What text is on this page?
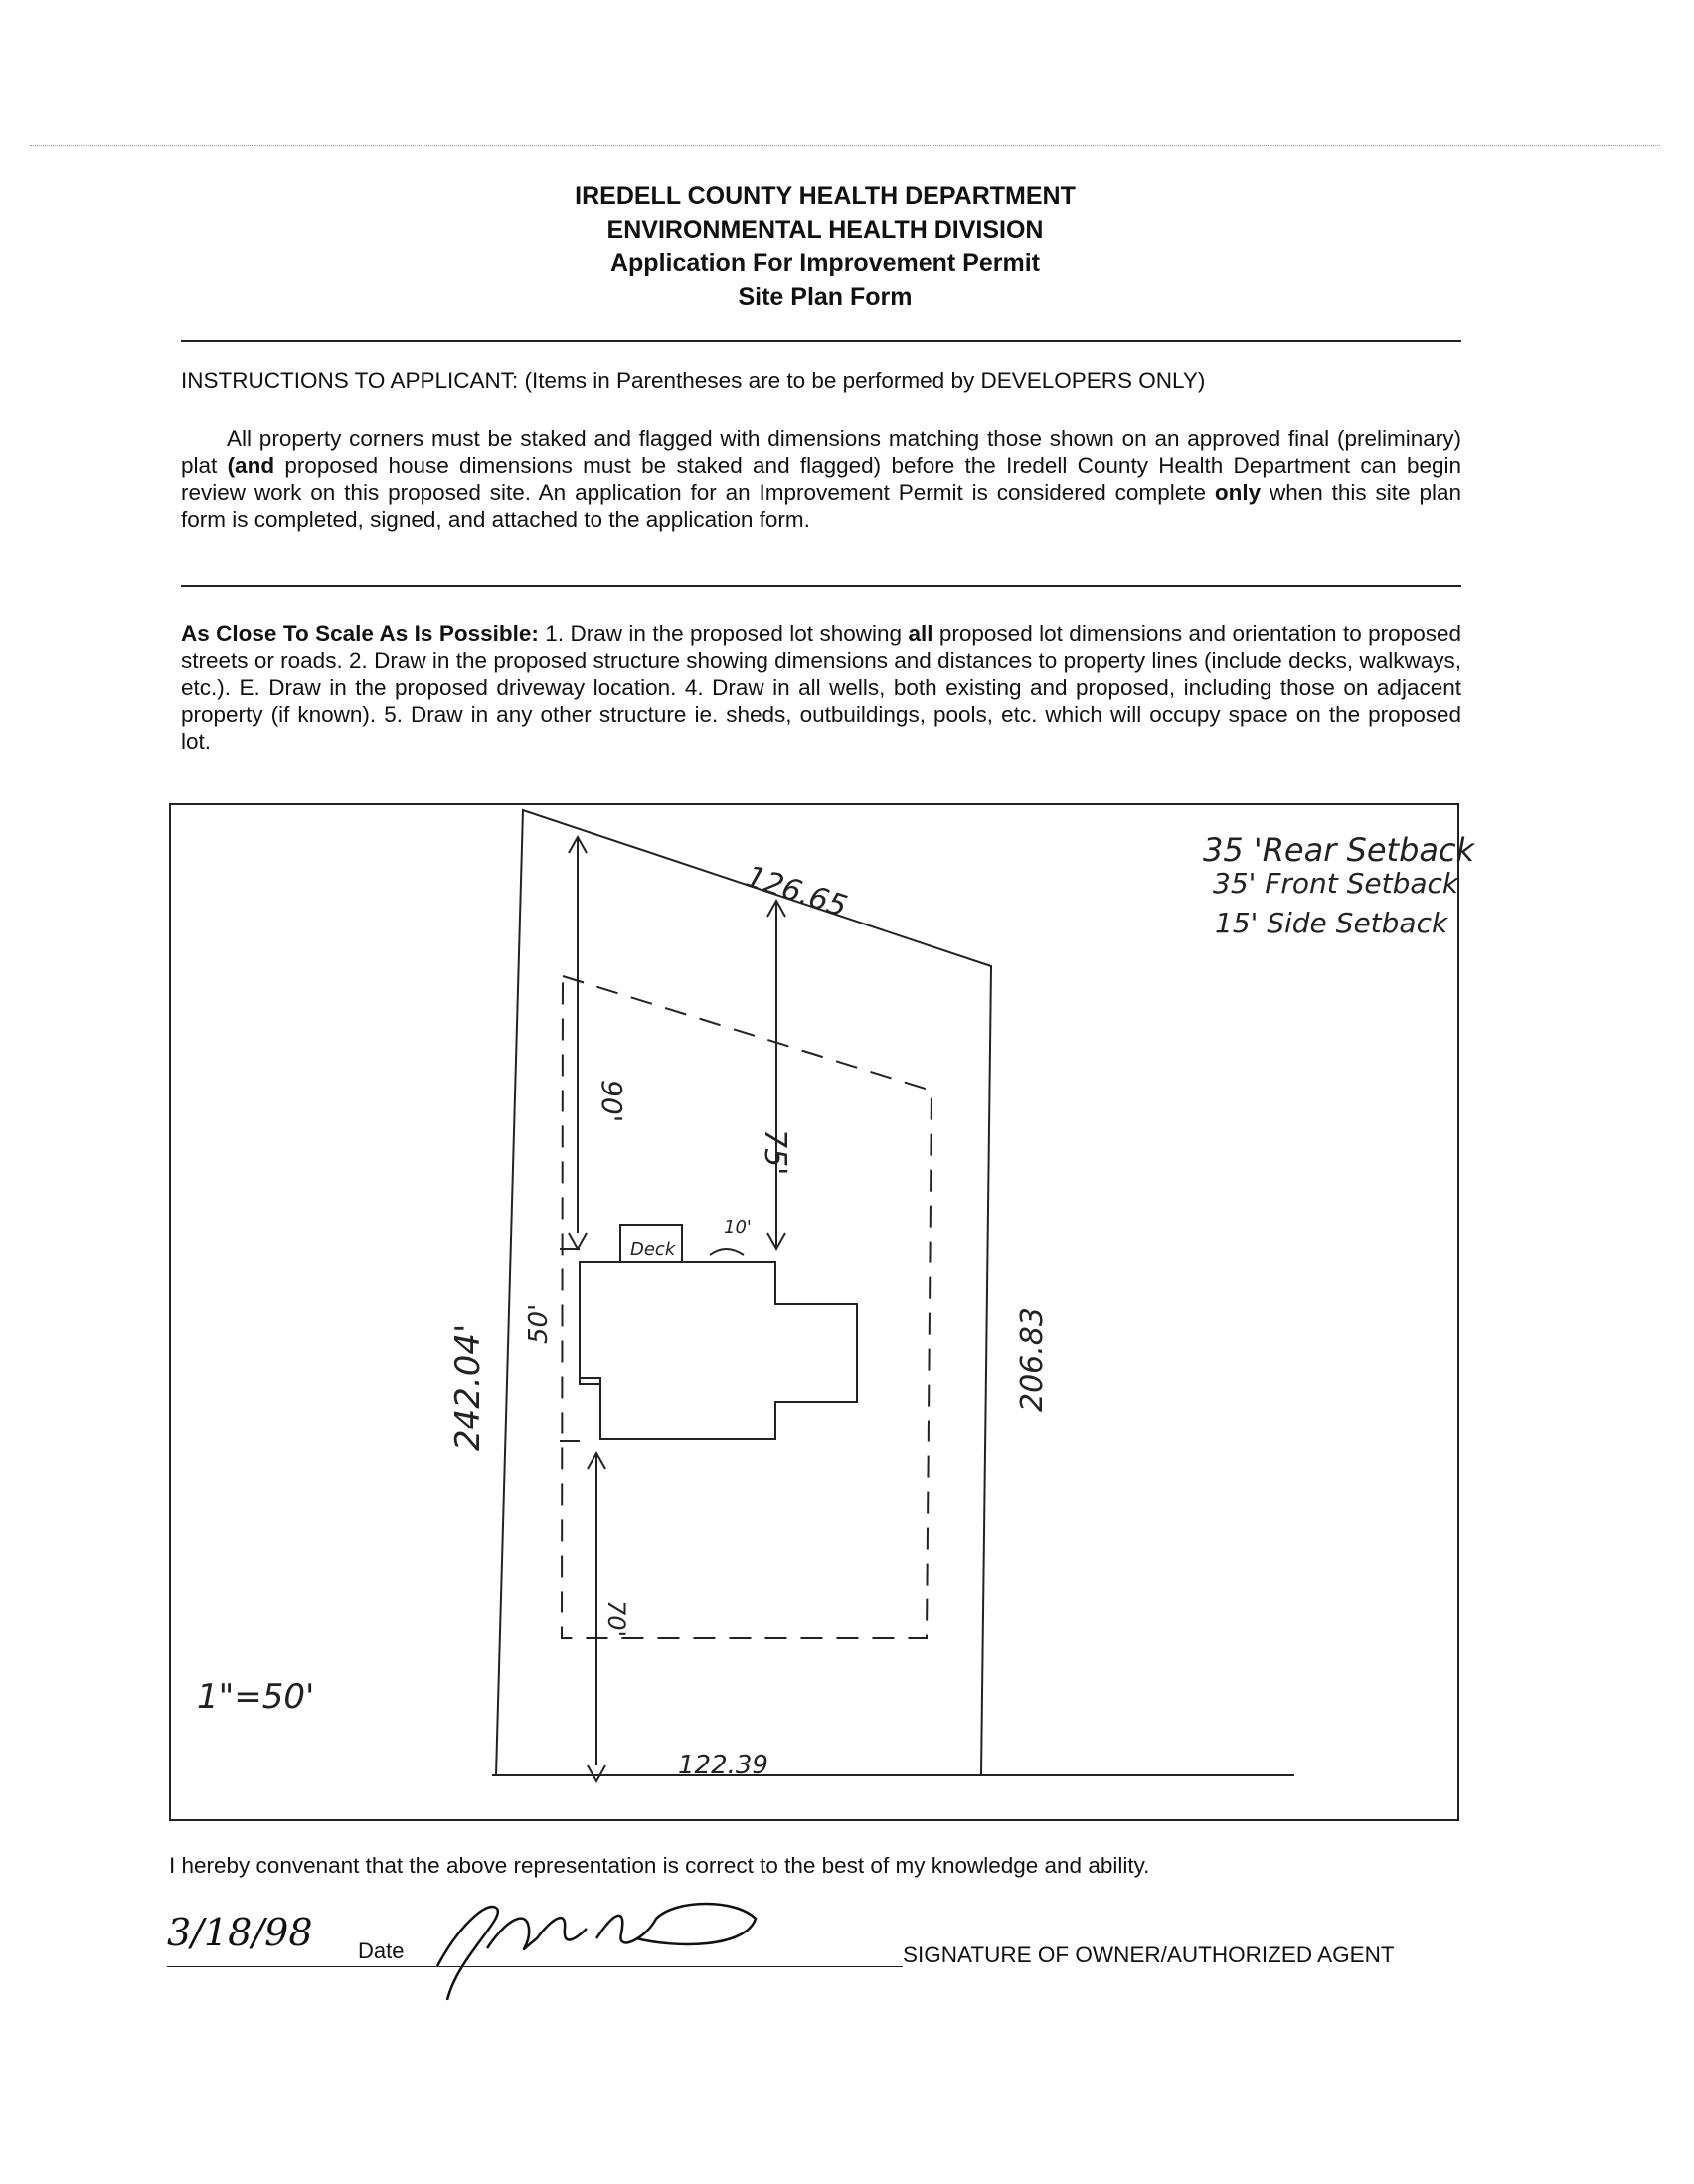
IREDELL COUNTY HEALTH DEPARTMENT
ENVIRONMENTAL HEALTH DIVISION
Application For Improvement Permit
Site Plan Form
INSTRUCTIONS TO APPLICANT: (Items in Parentheses are to be performed by DEVELOPERS ONLY)
All property corners must be staked and flagged with dimensions matching those shown on an approved final (preliminary) plat (and proposed house dimensions must be staked and flagged) before the Iredell County Health Department can begin review work on this proposed site. An application for an Improvement Permit is considered complete only when this site plan form is completed, signed, and attached to the application form.
As Close To Scale As Is Possible: 1. Draw in the proposed lot showing all proposed lot dimensions and orientation to proposed streets or roads. 2. Draw in the proposed structure showing dimensions and distances to property lines (include decks, walkways, etc.). E. Draw in the proposed driveway location. 4. Draw in all wells, both existing and proposed, including those on adjacent property (if known). 5. Draw in any other structure ie. sheds, outbuildings, pools, etc. which will occupy space on the proposed lot.
35 'Rear Setback
35' Front Setback
15' Side Setback
126.65
242.04'	206.83
122.39
90'
75'
50'
70'
10'
Deck
1"=50'
I hereby convenant that the above representation is correct to the best of my knowledge and ability.
3/18/98 Date	SIGNATURE OF OWNER/AUTHORIZED AGENT
